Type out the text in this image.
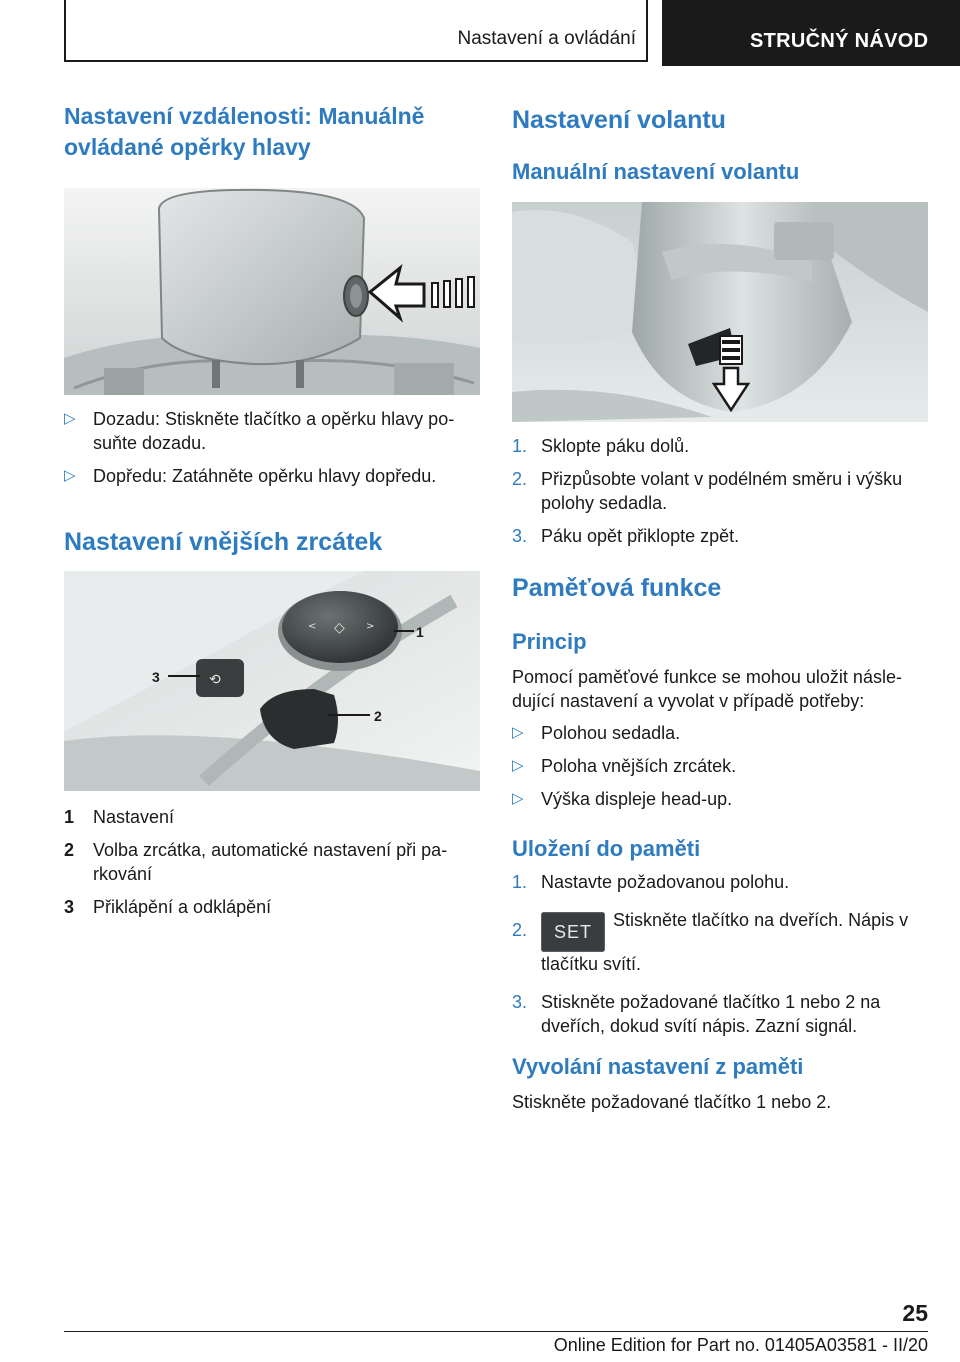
Nastavení a ovládání	STRUČNÝ NÁVOD
Nastavení vzdálenosti: Manuálně
ovládané opěrky hlavy
▷ Dozadu: Stiskněte tlačítko a opěrku hlavy po-
suňte dozadu.
▷ Dopředu: Zatáhněte opěrku hlavy dopředu.
Nastavení vnějších zrcátek
◇
<	>
⟲
1
2
3
1 Nastavení
2 Volba zrcátka, automatické nastavení při pa-
rkování
3 Přiklápění a odklápění
Nastavení volantu
Manuální nastavení volantu
1. Sklopte páku dolů.
2. Přizpůsobte volant v podélném směru i výšku
polohy sedadla.
3. Páku opět přiklopte zpět.
Paměťová funkce
Princip
Pomocí paměťové funkce se mohou uložit násle-
dující nastavení a vyvolat v případě potřeby:
▷ Polohou sedadla.
▷ Poloha vnějších zrcátek.
▷ Výška displeje head-up.
Uložení do paměti
1. Nastavte požadovanou polohu.
2.	SETStiskněte tlačítko na dveřích. Nápis v
tlačítku svítí.
3. Stiskněte požadované tlačítko 1 nebo 2 na
dveřích, dokud svítí nápis. Zazní signál.
Vyvolání nastavení z paměti
Stiskněte požadované tlačítko 1 nebo 2.
25
Online Edition for Part no. 01405A03581 - II/20
